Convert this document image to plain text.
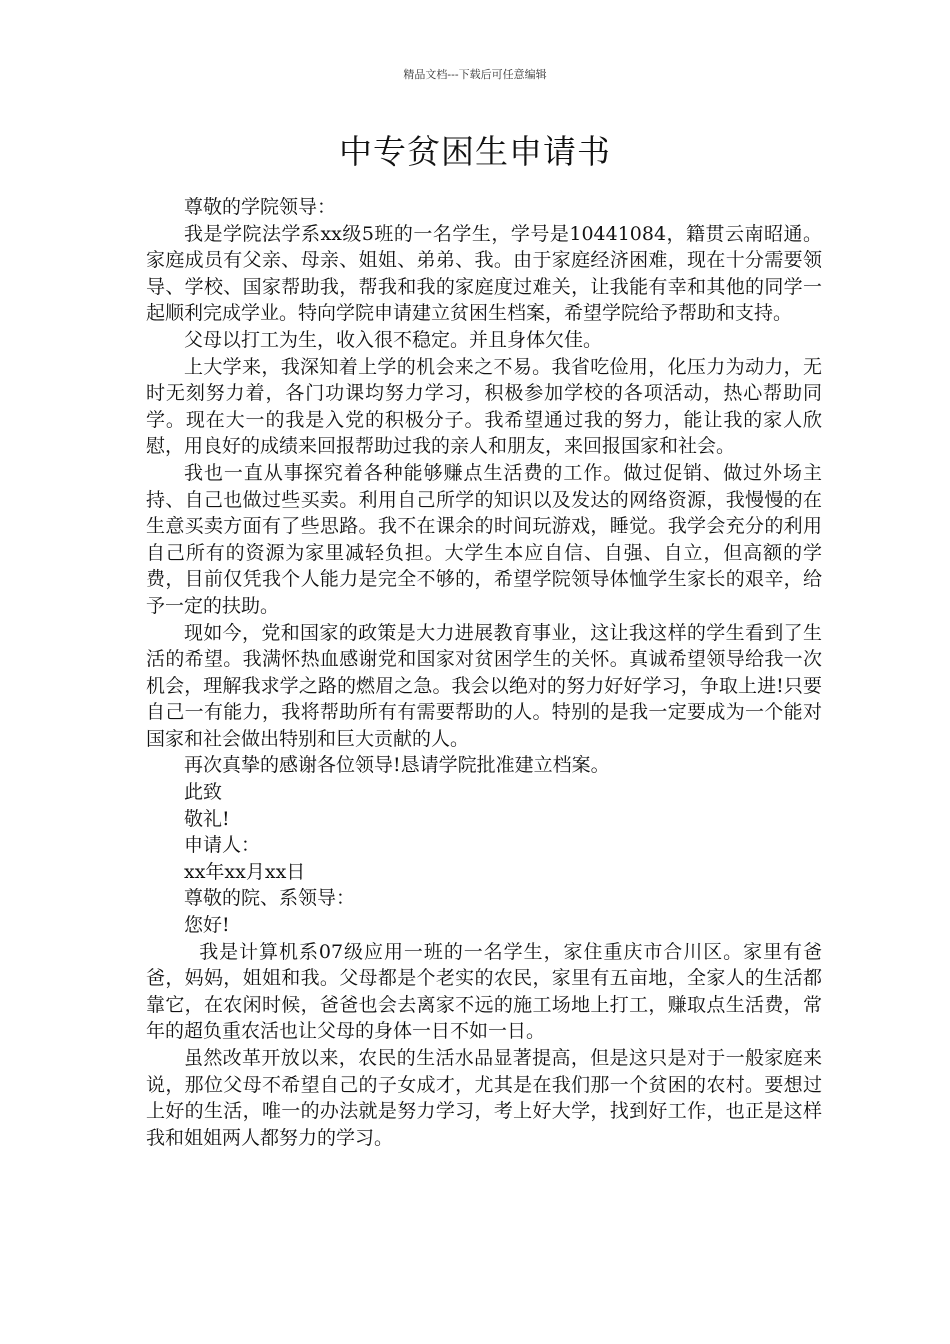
精品文档---下载后可任意编辑
中专贫困生申请书

尊敬的学院领导：

我是学院法学系xx级5班的一名学生，学号是10441084，籍贯云南昭通。家庭成员有父亲、母亲、姐姐、弟弟、我。由于家庭经济困难，现在十分需要领导、学校、国家帮助我，帮我和我的家庭度过难关，让我能有幸和其他的同学一起顺利完成学业。特向学院申请建立贫困生档案，希望学院给予帮助和支持。

父母以打工为生，收入很不稳定。并且身体欠佳。

上大学来，我深知着上学的机会来之不易。我省吃俭用，化压力为动力，无时无刻努力着，各门功课均努力学习，积极参加学校的各项活动，热心帮助同学。现在大一的我是入党的积极分子。我希望通过我的努力，能让我的家人欣慰，用良好的成绩来回报帮助过我的亲人和朋友，来回报国家和社会。

我也一直从事探究着各种能够赚点生活费的工作。做过促销、做过外场主持、自己也做过些买卖。利用自己所学的知识以及发达的网络资源，我慢慢的在生意买卖方面有了些思路。我不在课余的时间玩游戏，睡觉。我学会充分的利用自己所有的资源为家里减轻负担。大学生本应自信、自强、自立，但高额的学费，目前仅凭我个人能力是完全不够的，希望学院领导体恤学生家长的艰辛，给予一定的扶助。

现如今，党和国家的政策是大力进展教育事业，这让我这样的学生看到了生活的希望。我满怀热血感谢党和国家对贫困学生的关怀。真诚希望领导给我一次机会，理解我求学之路的燃眉之急。我会以绝对的努力好好学习，争取上进!只要自己一有能力，我将帮助所有有需要帮助的人。特别的是我一定要成为一个能对国家和社会做出特别和巨大贡献的人。

再次真挚的感谢各位领导!恳请学院批准建立档案。

此致

敬礼!

申请人：

xx年xx月xx日

尊敬的院、系领导：

您好!

我是计算机系07级应用一班的一名学生，家住重庆市合川区。家里有爸爸，妈妈，姐姐和我。父母都是个老实的农民，家里有五亩地，全家人的生活都靠它，在农闲时候，爸爸也会去离家不远的施工场地上打工，赚取点生活费，常年的超负重农活也让父母的身体一日不如一日。

虽然改革开放以来，农民的生活水品显著提高，但是这只是对于一般家庭来说，那位父母不希望自己的子女成才，尤其是在我们那一个贫困的农村。要想过上好的生活，唯一的办法就是努力学习，考上好大学，找到好工作，也正是这样我和姐姐两人都努力的学习。
